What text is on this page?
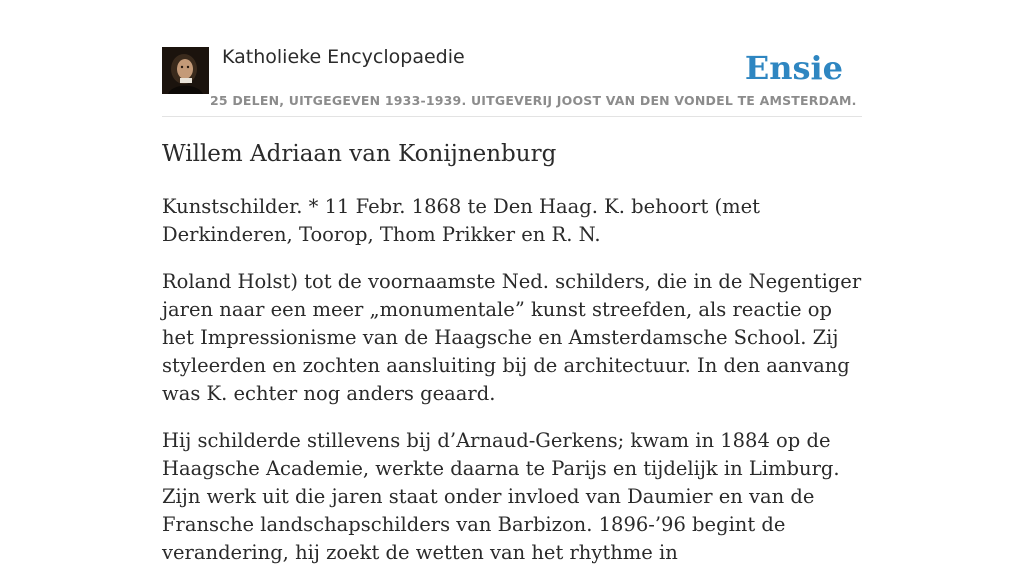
Katholieke Encyclopaedie
25 DELEN, UITGEGEVEN 1933-1939. UITGEVERIJ JOOST VAN DEN VONDEL TE AMSTERDAM.
Ensie
Willem Adriaan van Konijnenburg

Kunstschilder. * 11 Febr. 1868 te Den Haag. K. behoort (met Derkinderen, Toorop, Thom Prikker en R. N.

Roland Holst) tot de voornaamste Ned. schilders, die in de Negentiger jaren naar een meer „monumentale” kunst streefden, als reactie op het Impressionisme van de Haagsche en Amsterdamsche School. Zij styleerden en zochten aansluiting bij de architectuur. In den aanvang was K. echter nog anders geaard.

Hij schilderde stillevens bij d’Arnaud-Gerkens; kwam in 1884 op de Haagsche Academie, werkte daarna te Parijs en tijdelijk in Limburg. Zijn werk uit die jaren staat onder invloed van Daumier en van de Fransche landschapschilders van Barbizon. 1896-’96 begint de verandering, hij zoekt de wetten van het rhythme in
